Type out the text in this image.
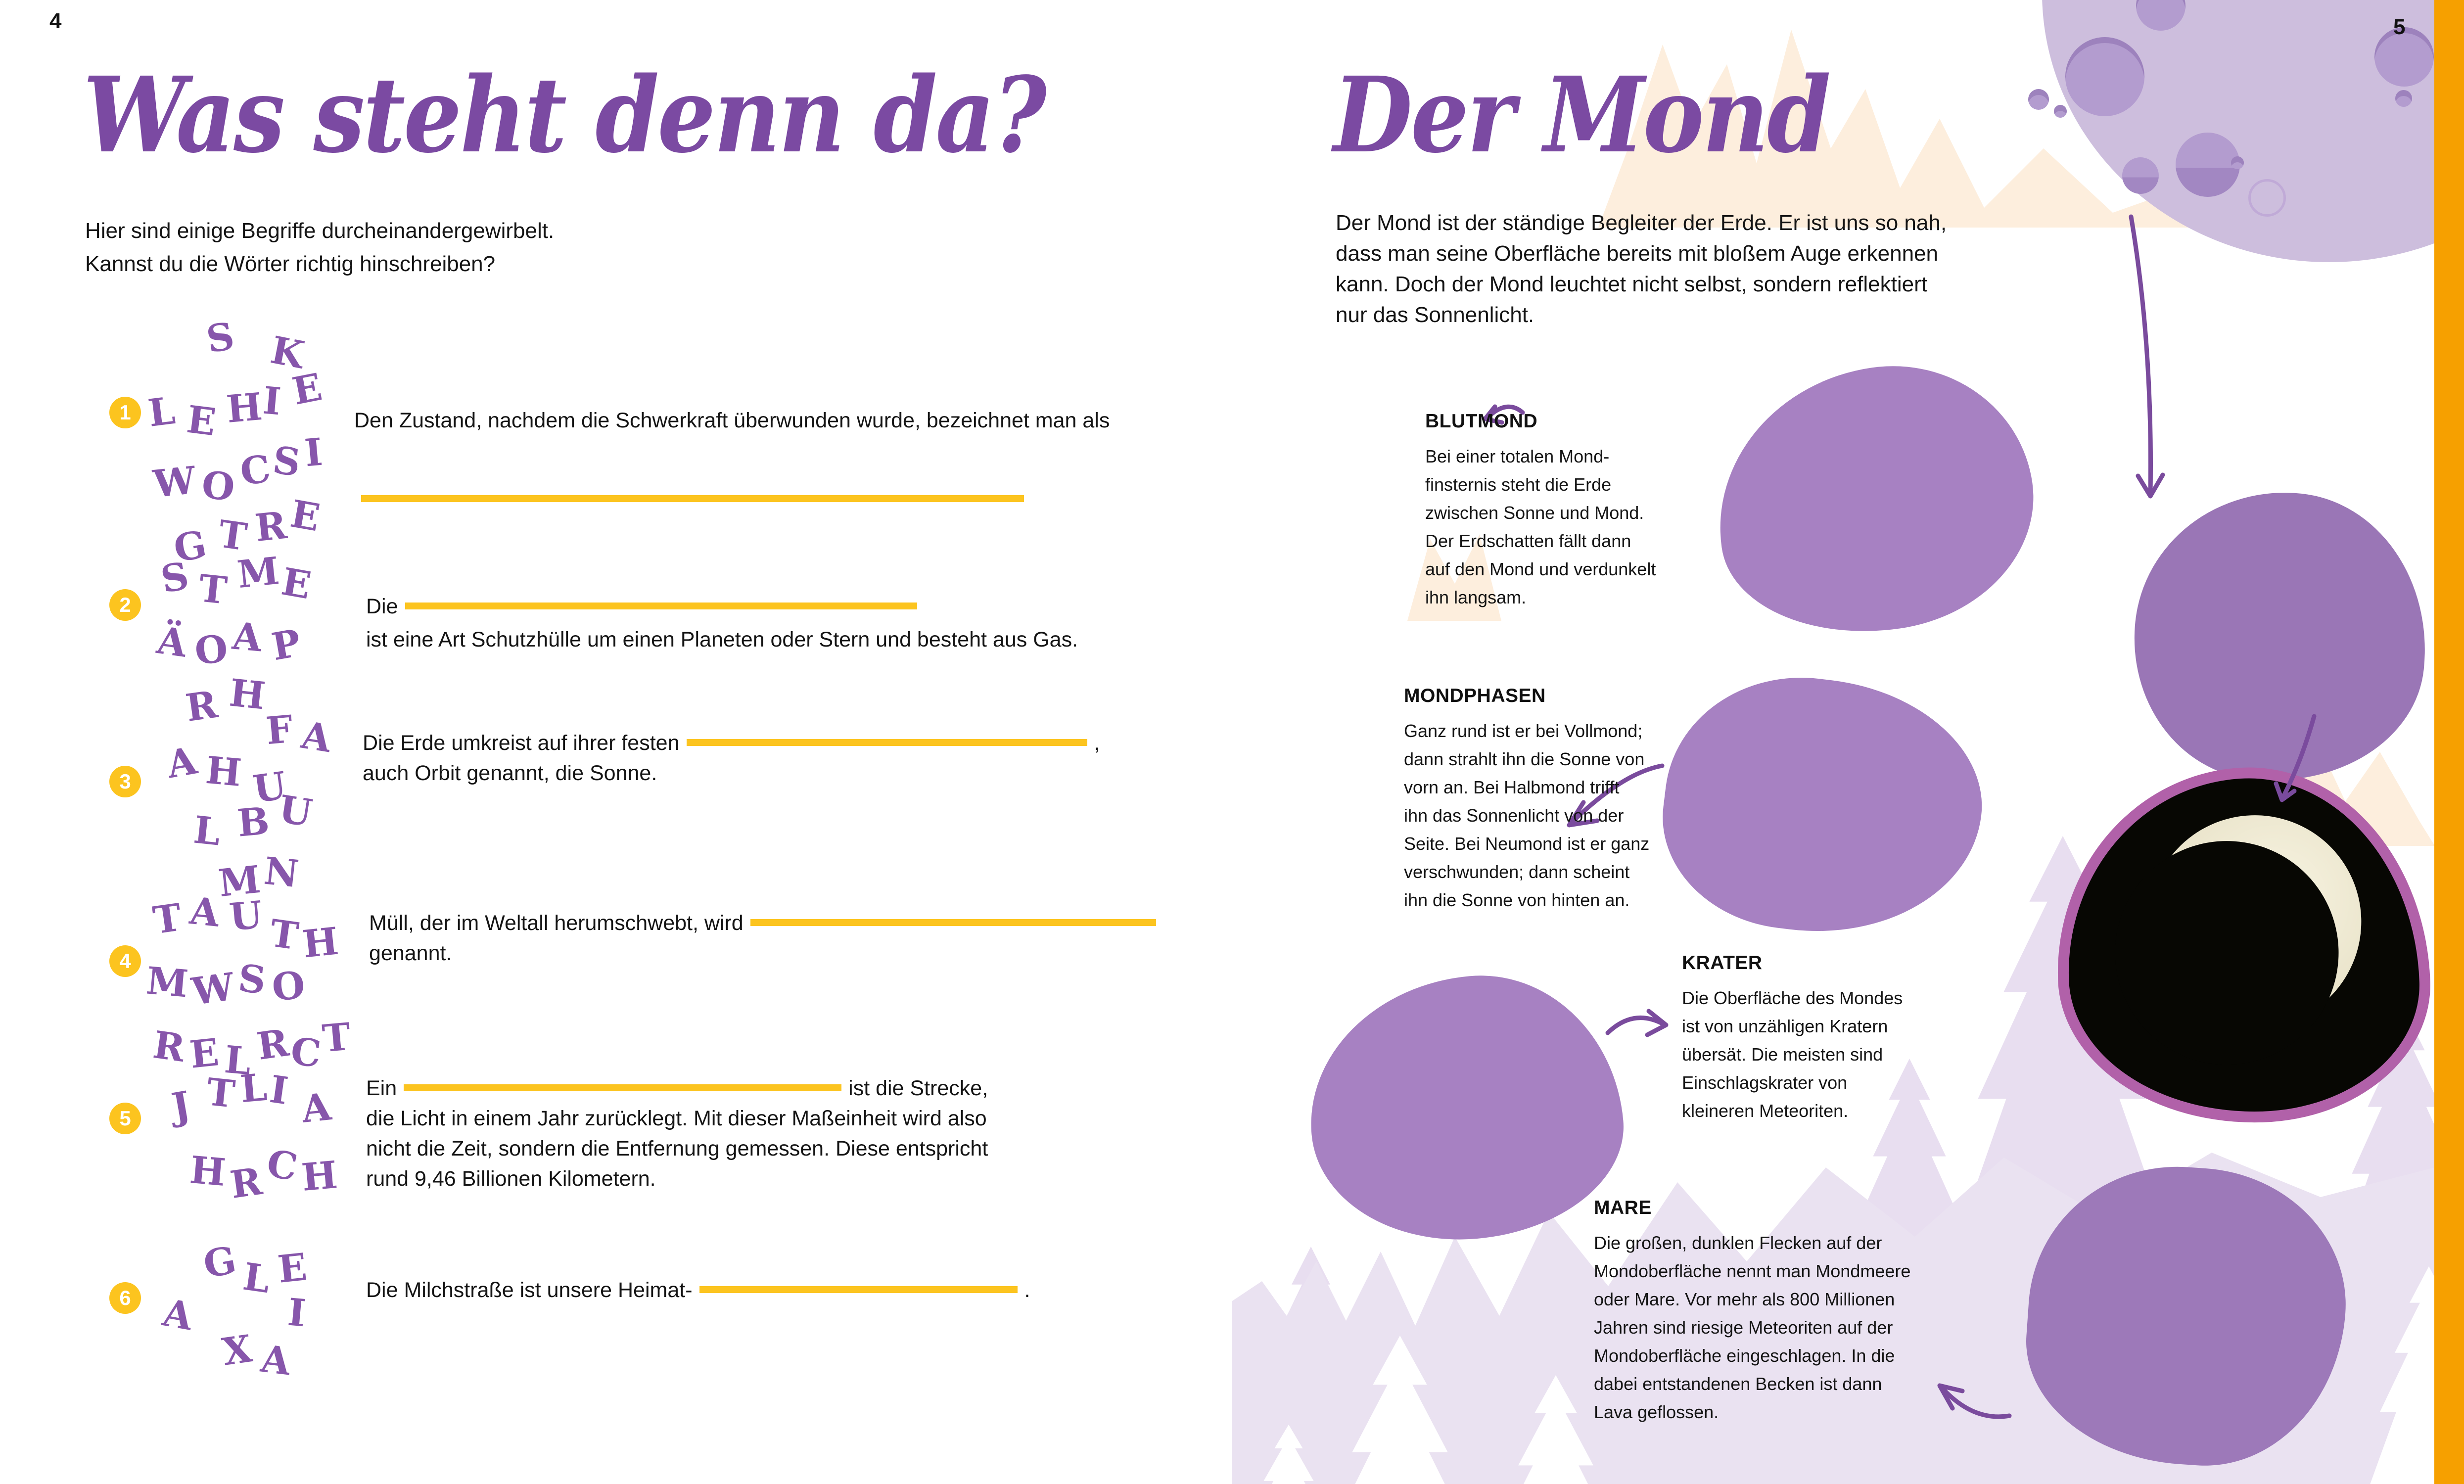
4
Was steht denn da?
Hier sind einige Begriffe durcheinandergewirbelt.
Kannst du die Wörter richtig hinschreiben?
1
S K
L E H
I E
W O C
S I
G T R
E
Den Zustand, nachdem die Schwerkraft überwunden wurde, bezeichnet man als
2
S T M
E
Ä O A P
R H
Die
ist eine Art Schutzhülle um einen Planeten oder Stern und besteht aus Gas.
3
F A
A H U
L B U
M N
Die Erde umkreist auf ihrer festen	,
auch Orbit genannt, die Sonne.
4
T A U T
H
M
W
S O
R E L R
C
T
Müll, der im Weltall herumschwebt, wird
genannt.
5 J T L
I A
H R
C
H
Ein	ist die Strecke,
die Licht in einem Jahr zurücklegt. Mit dieser Maßeinheit wird also
nicht die Zeit, sondern die Entfernung gemessen. Diese entspricht
rund 9,46 Billionen Kilometern.
6
G L E
A I
X A
Die Milchstraße ist unsere Heimat-	.
5
Der Mond
Der Mond ist der ständige Begleiter der Erde. Er ist uns so nah,
dass man seine Oberfläche bereits mit bloßem Auge erkennen
kann. Doch der Mond leuchtet nicht selbst, sondern reflektiert
nur das Sonnenlicht.
BLUTMOND
Bei einer totalen Mond-
finsternis steht die Erde
zwischen Sonne und Mond.
Der Erdschatten fällt dann
auf den Mond und verdunkelt
ihn langsam.
MONDPHASEN
Ganz rund ist er bei Vollmond;
dann strahlt ihn die Sonne von
vorn an. Bei Halbmond trifft
ihn das Sonnenlicht von der
Seite. Bei Neumond ist er ganz
verschwunden; dann scheint
ihn die Sonne von hinten an.
KRATER
Die Oberfläche des Mondes
ist von unzähligen Kratern
übersät. Die meisten sind
Einschlagskrater von
kleineren Meteoriten.
MARE
Die großen, dunklen Flecken auf der
Mondoberfläche nennt man Mondmeere
oder Mare. Vor mehr als 800 Millionen
Jahren sind riesige Meteoriten auf der
Mondoberfläche eingeschlagen. In die
dabei entstandenen Becken ist dann
Lava geflossen.
